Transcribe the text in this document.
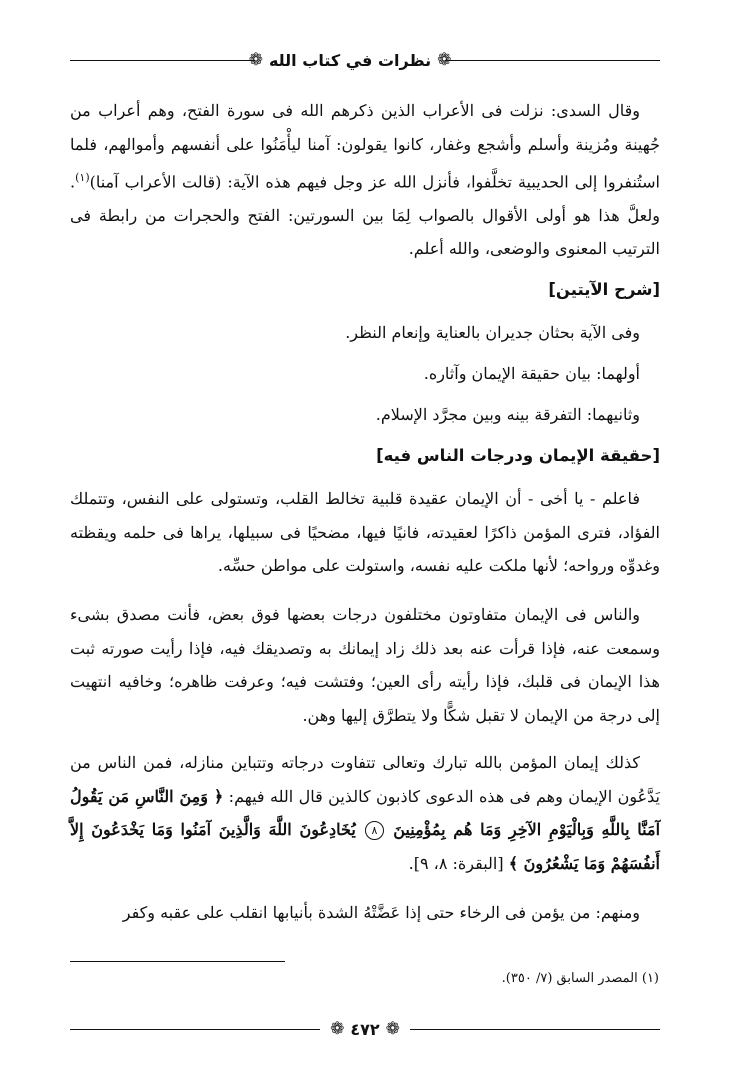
❁ نظرات في كتاب الله ❁

وقال السدى: نزلت فى الأعراب الذين ذكرهم الله فى سورة الفتح، وهم أعراب من جُهينة ومُزينة وأسلم وأشجع وغفار، كانوا يقولون: آمنا ليأْمَنُوا على أنفسهم وأموالهم، فلما استُنفروا إلى الحديبية تخلَّفوا، فأنزل الله عز وجل فيهم هذه الآية: (قالت الأعراب آمنا)$^{(١)}$. ولعلَّ هذا هو أولى الأقوال بالصواب لِمَا بين السورتين: الفتح والحجرات من رابطة فى الترتيب المعنوى والوضعى، والله أعلم.

[شرح الآيتين]

وفى الآية بحثان جديران بالعناية وإنعام النظر.

أولهما: بيان حقيقة الإيمان وآثاره.

وثانيهما: التفرقة بينه وبين مجرَّد الإسلام.

[حقيقة الإيمان ودرجات الناس فيه]

فاعلم - يا أخى - أن الإيمان عقيدة قلبية تخالط القلب، وتستولى على النفس، وتتملك الفؤاد، فترى المؤمن ذاكرًا لعقيدته، فانيًا فيها، مضحيًا فى سبيلها، يراها فى حلمه ويقظته وغدوِّه ورواحه؛ لأنها ملكت عليه نفسه، واستولت على مواطن حسِّه.

والناس فى الإيمان متفاوتون مختلفون درجات بعضها فوق بعض، فأنت مصدق بشىء وسمعت عنه، فإذا قرأت عنه بعد ذلك زاد إيمانك به وتصديقك فيه، فإذا رأيت صورته ثبت هذا الإيمان فى قلبك، فإذا رأيته رأى العين؛ وفتشت فيه؛ وعرفت ظاهره؛ وخافيه انتهيت إلى درجة من الإيمان لا تقبل شكًّا ولا يتطرَّق إليها وهن.

كذلك إيمان المؤمن بالله تبارك وتعالى تتفاوت درجاته وتتباين منازله، فمن الناس من يَدَّعُون الإيمان وهم فى هذه الدعوى كاذبون كالذين قال الله فيهم: ﴿ وَمِنَ النَّاسِ مَن يَقُولُ آمَنَّا بِاللَّهِ وَبِالْيَوْمِ الآخِرِ وَمَا هُم بِمُؤْمِنِينَ ٨ يُخَادِعُونَ اللَّهَ وَالَّذِينَ آمَنُوا وَمَا يَخْدَعُونَ إِلاَّ أَنفُسَهُمْ وَمَا يَشْعُرُونَ ﴾ [البقرة: ٨، ٩].

ومنهم: من يؤمن فى الرخاء حتى إذا عَضَّتْهُ الشدة بأنيابها انقلب على عقبه وكفر

(١) المصدر السابق (٧/ ٣٥٠).
❁ ٤٧٢ ❁
